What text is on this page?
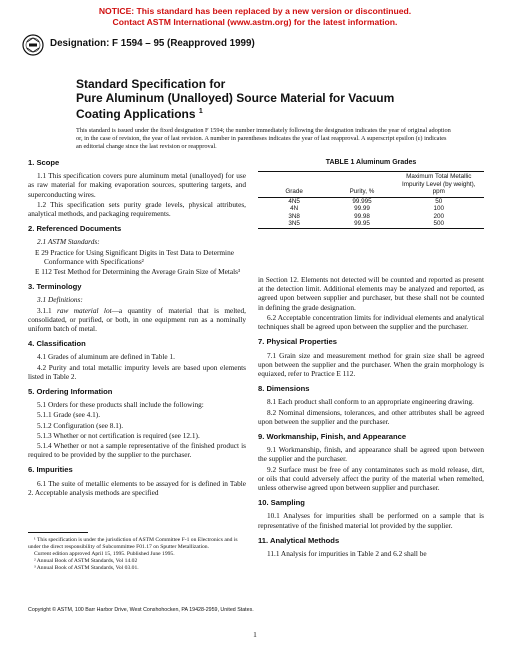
NOTICE: This standard has been replaced by a new version or discontinued.
Contact ASTM International (www.astm.org) for the latest information.
Designation: F 1594 – 95 (Reapproved 1999)
Standard Specification for
Pure Aluminum (Unalloyed) Source Material for Vacuum
Coating Applications $^1$
This standard is issued under the fixed designation F 1594; the number immediately following the designation indicates the year of original adoption or, in the case of revision, the year of last revision. A number in parentheses indicates the year of last reapproval. A superscript epsilon (ε) indicates an editorial change since the last revision or reapproval.
1. Scope
1.1 This specification covers pure aluminum metal (unalloyed) for use as raw material for making evaporation sources, sputtering targets, and superconducting wires.
1.2 This specification sets purity grade levels, physical attributes, analytical methods, and packaging requirements.
2. Referenced Documents
2.1 ASTM Standards:
E 29 Practice for Using Significant Digits in Test Data to Determine Conformance with Specifications²
E 112 Test Method for Determining the Average Grain Size of Metals³
3. Terminology
3.1 Definitions:
3.1.1 raw material lot—a quantity of material that is melted, consolidated, or purified, or both, in one equipment run as a nominally uniform batch of metal.
4. Classification
4.1 Grades of aluminum are defined in Table 1.
4.2 Purity and total metallic impurity levels are based upon elements listed in Table 2.
5. Ordering Information
5.1 Orders for these products shall include the following:
5.1.1 Grade (see 4.1).
5.1.2 Configuration (see 8.1).
5.1.3 Whether or not certification is required (see 12.1).
5.1.4 Whether or not a sample representative of the finished product is required to be provided by the supplier to the purchaser.
6. Impurities
6.1 The suite of metallic elements to be assayed for is defined in Table 2. Acceptable analysis methods are specified
TABLE 1 Aluminum Grades
Grade	Purity, %	Maximum Total Metallic Impurity Level (by weight), ppm
4N5	99.995	50
4N	99.99	100
3N8	99.98	200
3N5	99.95	500
in Section 12. Elements not detected will be counted and reported as present at the detection limit. Additional elements may be analyzed and reported, as agreed upon between supplier and purchaser, but these shall not be counted in defining the grade designation.
6.2 Acceptable concentration limits for individual elements and analytical techniques shall be agreed upon between the supplier and the purchaser.
7. Physical Properties
7.1 Grain size and measurement method for grain size shall be agreed upon between the supplier and the purchaser. When the grain morphology is equiaxed, refer to Practice E 112.
8. Dimensions
8.1 Each product shall conform to an appropriate engineering drawing.
8.2 Nominal dimensions, tolerances, and other attributes shall be agreed upon between the supplier and the purchaser.
9. Workmanship, Finish, and Appearance
9.1 Workmanship, finish, and appearance shall be agreed upon between the supplier and the purchaser.
9.2 Surface must be free of any contaminates such as mold release, dirt, or oils that could adversely affect the purity of the material when remelted, unless otherwise agreed upon between supplier and purchaser.
10. Sampling
10.1 Analyses for impurities shall be performed on a sample that is representative of the finished material lot provided by the supplier.
11. Analytical Methods
11.1 Analysis for impurities in Table 2 and 6.2 shall be
¹ This specification is under the jurisdiction of ASTM Committee F-1 on Electronics and is under the direct responsibility of Subcommittee F01.17 on Sputter Metallization.
Current edition approved April 15, 1995. Published June 1995.
² Annual Book of ASTM Standards, Vol 14.02
³ Annual Book of ASTM Standards, Vol 03.01.
Copyright © ASTM, 100 Barr Harbor Drive, West Conshohocken, PA 19428-2959, United States.
1
